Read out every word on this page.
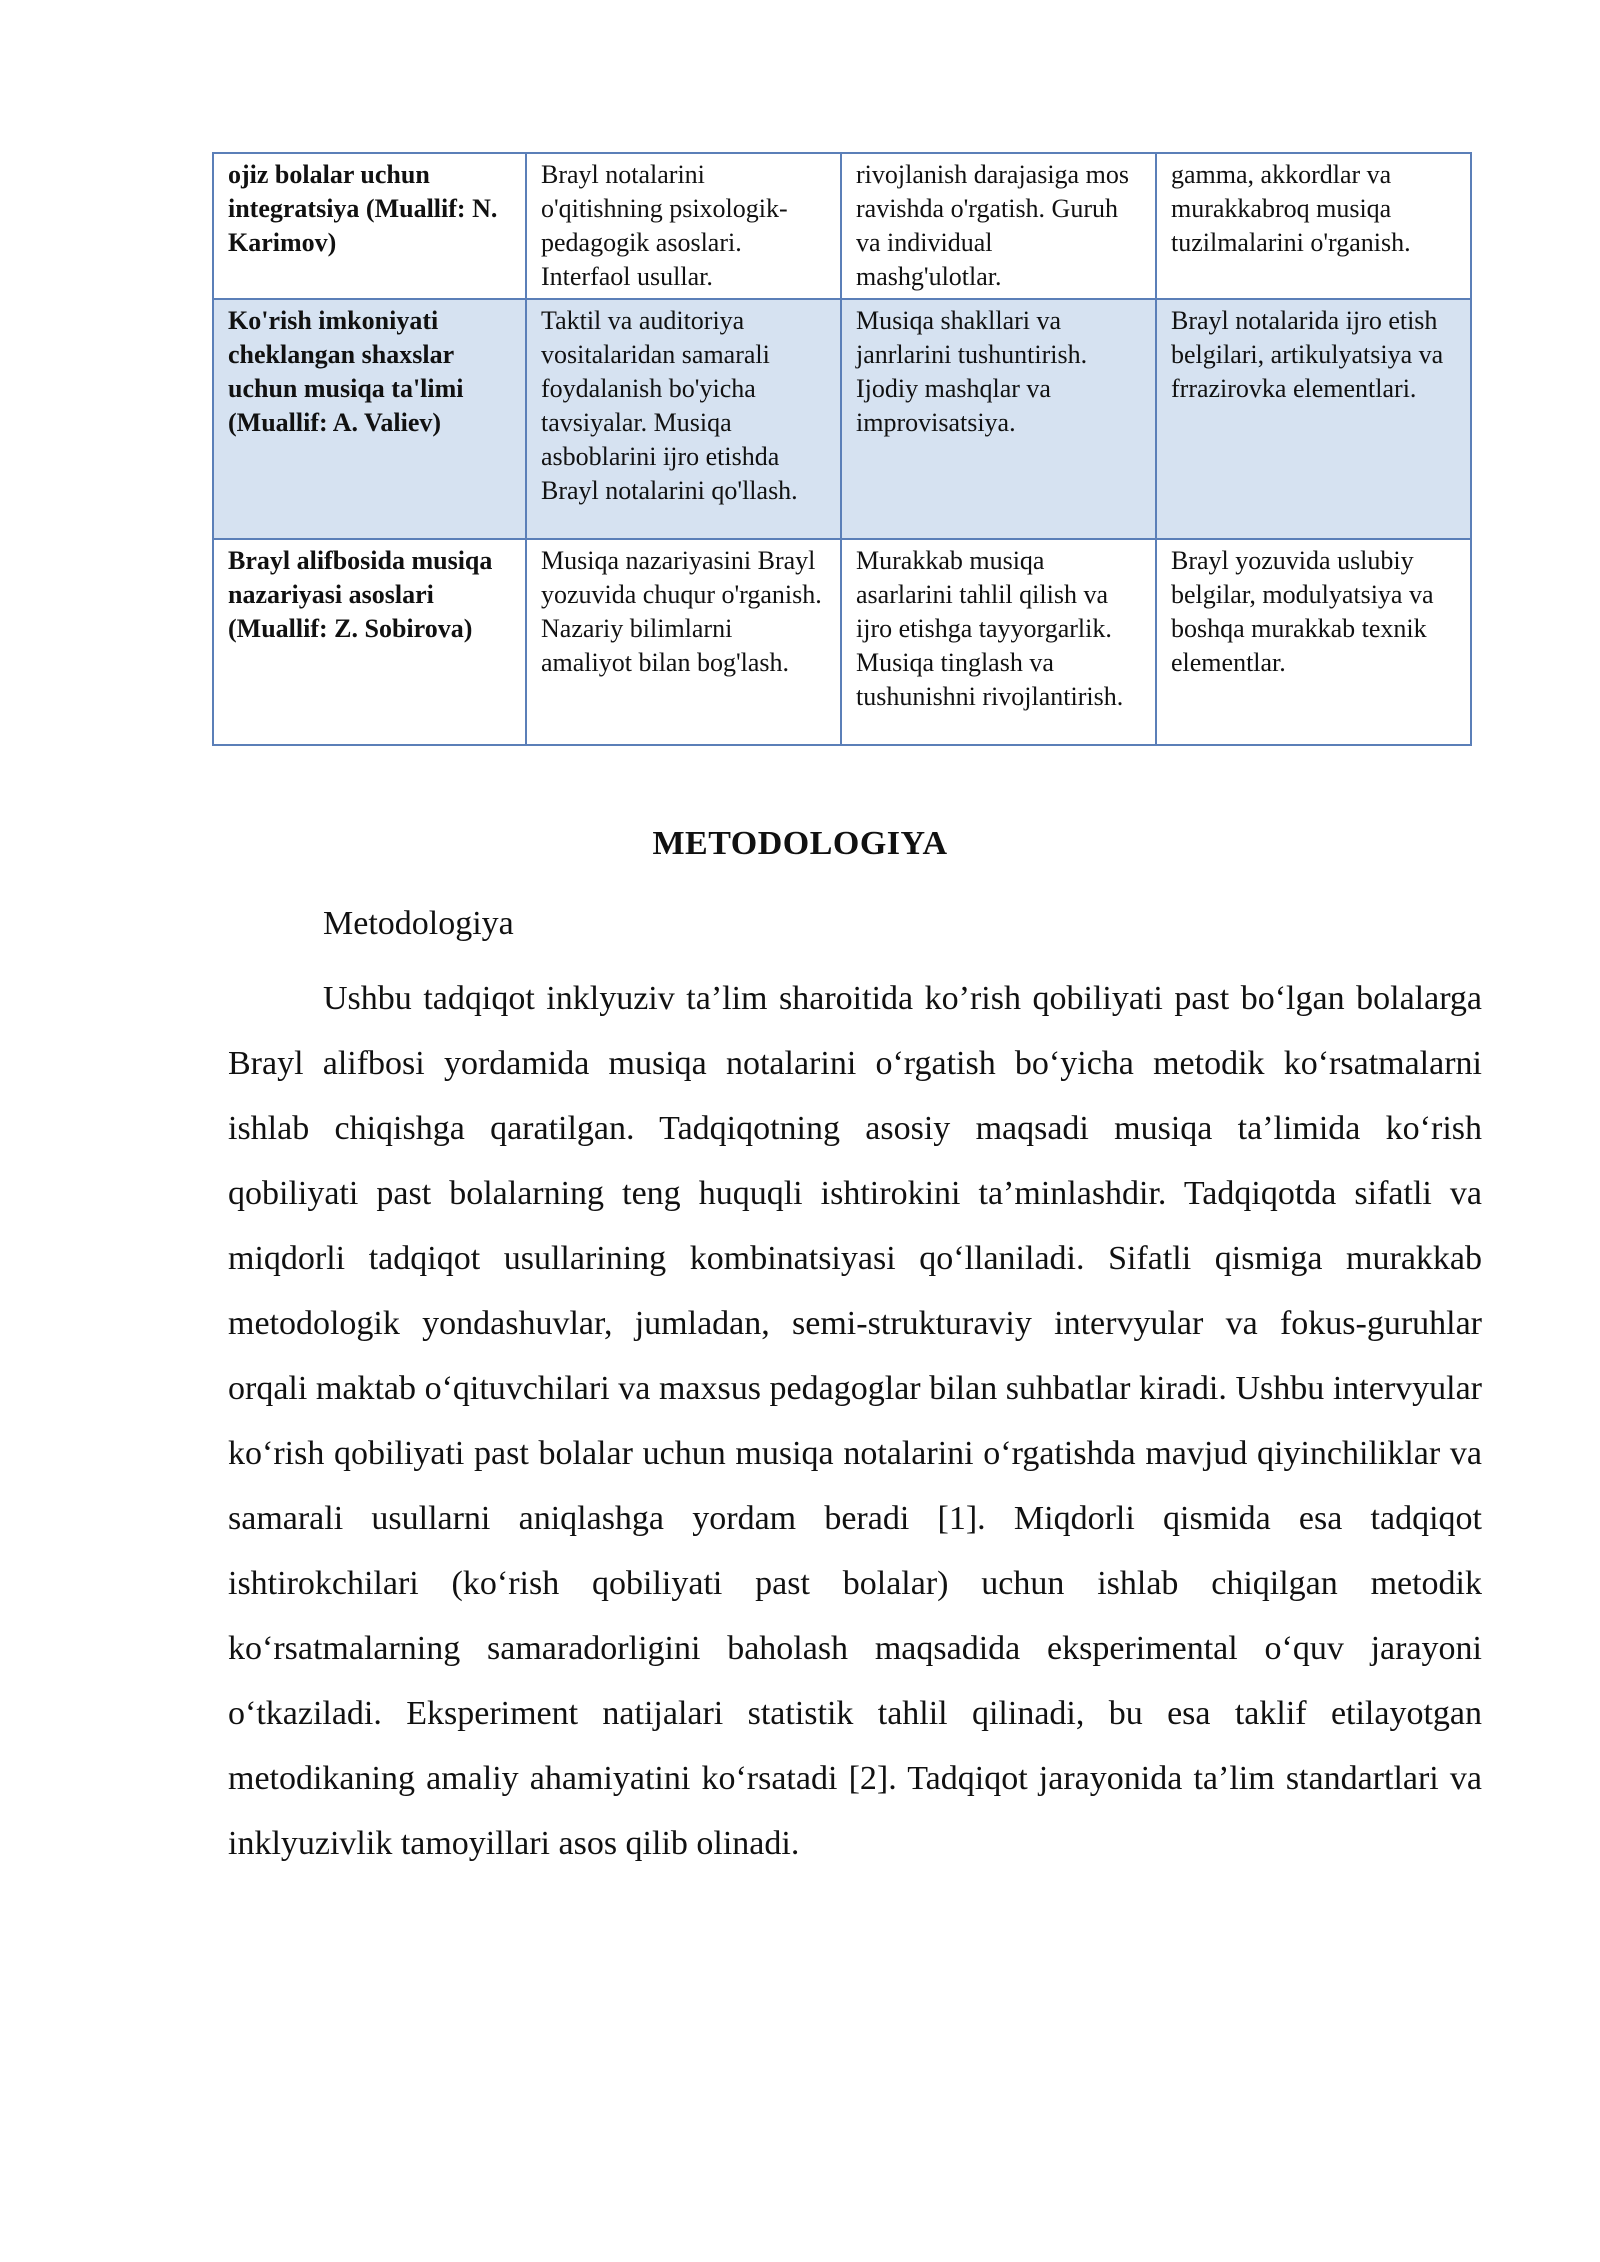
ojiz bolalar uchun integratsiya (Muallif: N. Karimov)	Brayl notalarini o'qitishning psixologik-pedagogik asoslari. Interfaol usullar.	rivojlanish darajasiga mos ravishda o'rgatish. Guruh va individual mashg'ulotlar.	gamma, akkordlar va murakkabroq musiqa tuzilmalarini o'rganish.
Ko'rish imkoniyati cheklangan shaxslar uchun musiqa ta'limi (Muallif: A. Valiev)	Taktil va auditoriya vositalaridan samarali foydalanish bo'yicha tavsiyalar. Musiqa asboblarini ijro etishda Brayl notalarini qo'llash.	Musiqa shakllari va janrlarini tushuntirish. Ijodiy mashqlar va improvisatsiya.	Brayl notalarida ijro etish belgilari, artikulyatsiya va frrazirovka elementlari.
Brayl alifbosida musiqa nazariyasi asoslari (Muallif: Z. Sobirova)	Musiqa nazariyasini Brayl yozuvida chuqur o'rganish. Nazariy bilimlarni amaliyot bilan bog'lash.	Murakkab musiqa asarlarini tahlil qilish va ijro etishga tayyorgarlik. Musiqa tinglash va tushunishni rivojlantirish.	Brayl yozuvida uslubiy belgilar, modulyatsiya va boshqa murakkab texnik elementlar.
METODOLOGIYA
Metodologiya

Ushbu tadqiqot inklyuziv ta’lim sharoitida ko’rish qobiliyati past bo‘lgan bolalarga Brayl alifbosi yordamida musiqa notalarini o‘rgatish bo‘yicha metodik ko‘rsatmalarni ishlab chiqishga qaratilgan. Tadqiqotning asosiy maqsadi musiqa ta’limida ko‘rish qobiliyati past bolalarning teng huquqli ishtirokini ta’minlashdir. Tadqiqotda sifatli va miqdorli tadqiqot usullarining kombinatsiyasi qo‘llaniladi. Sifatli qismiga murakkab metodologik yondashuvlar, jumladan, semi-strukturaviy intervyular va fokus-guruhlar orqali maktab o‘qituvchilari va maxsus pedagoglar bilan suhbatlar kiradi. Ushbu intervyular ko‘rish qobiliyati past bolalar uchun musiqa notalarini o‘rgatishda mavjud qiyinchiliklar va samarali usullarni aniqlashga yordam beradi [1]. Miqdorli qismida esa tadqiqot ishtirokchilari (ko‘rish qobiliyati past bolalar) uchun ishlab chiqilgan metodik ko‘rsatmalarning samaradorligini baholash maqsadida eksperimental o‘quv jarayoni o‘tkaziladi. Eksperiment natijalari statistik tahlil qilinadi, bu esa taklif etilayotgan metodikaning amaliy ahamiyatini ko‘rsatadi [2]. Tadqiqot jarayonida ta’lim standartlari va inklyuzivlik tamoyillari asos qilib olinadi.
